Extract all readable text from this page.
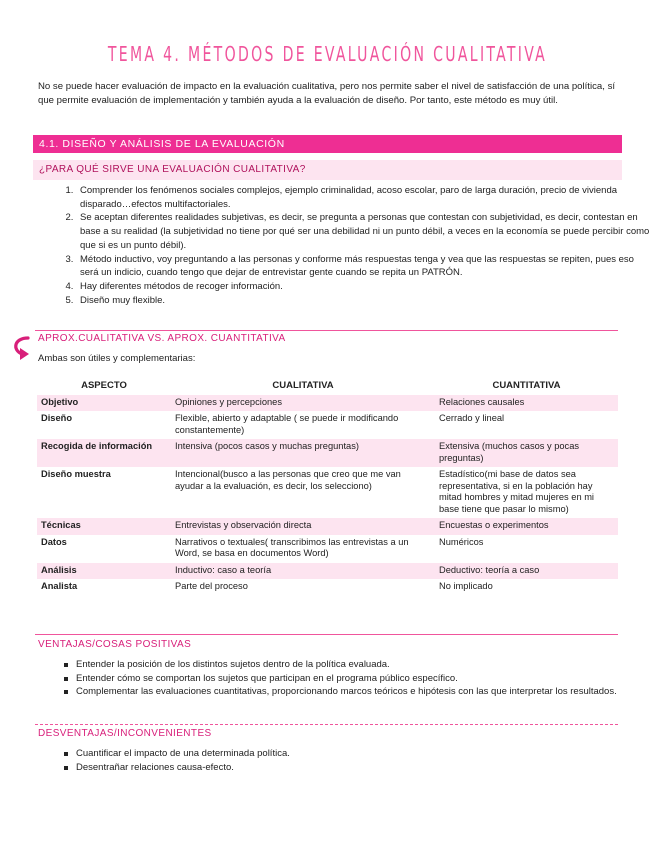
TEMA 4. MÉTODOS DE EVALUACIÓN CUALITATIVA
No se puede hacer evaluación de impacto en la evaluación cualitativa, pero nos permite saber el nivel de satisfacción de una política, sí que permite evaluación de implementación y también ayuda a la evaluación de diseño. Por tanto, este método es muy útil.
4.1. DISEÑO Y ANÁLISIS DE LA EVALUACIÓN
¿PARA QUÉ SIRVE UNA EVALUACIÓN CUALITATIVA?
1. Comprender los fenómenos sociales complejos, ejemplo criminalidad, acoso escolar, paro de larga duración, precio de vivienda disparado…efectos multifactoriales.
2. Se aceptan diferentes realidades subjetivas, es decir, se pregunta a personas que contestan con subjetividad, es decir, contestan en base a su realidad (la subjetividad no tiene por qué ser una debilidad ni un punto débil, a veces en la economía se puede percibir como que si es un punto débil).
3. Método inductivo, voy preguntando a las personas y conforme más respuestas tenga y vea que las respuestas se repiten, pues eso será un indicio, cuando tengo que dejar de entrevistar gente cuando se repita un PATRÓN.
4. Hay diferentes métodos de recoger información.
5. Diseño muy flexible.
APROX.CUALITATIVA VS. APROX. CUANTITATIVA
Ambas son útiles y complementarias:
ASPECTO	CUALITATIVA	CUANTITATIVA
Objetivo	Opiniones y percepciones	Relaciones causales
Diseño	Flexible, abierto y adaptable ( se puede ir modificando constantemente)	Cerrado y lineal
Recogida de información	Intensiva (pocos casos y muchas preguntas)	Extensiva (muchos casos y pocas preguntas)
Diseño muestra	Intencional(busco a las personas que creo que me van ayudar a la evaluación, es decir, los selecciono)	Estadístico(mi base de datos sea representativa, si en la población hay mitad hombres y mitad mujeres en mi base tiene que pasar lo mismo)
Técnicas	Entrevistas y observación directa	Encuestas o experimentos
Datos	Narrativos o textuales( transcribimos las entrevistas a un Word, se basa en documentos Word)	Numéricos
Análisis	Inductivo: caso a teoría	Deductivo: teoría a caso
Analista	Parte del proceso	No implicado
VENTAJAS/COSAS POSITIVAS
Entender la posición de los distintos sujetos dentro de la política evaluada.
Entender cómo se comportan los sujetos que participan en el programa público específico.
Complementar las evaluaciones cuantitativas, proporcionando marcos teóricos e hipótesis con las que interpretar los resultados.
DESVENTAJAS/INCONVENIENTES
Cuantificar el impacto de una determinada política.
Desentrañar relaciones causa-efecto.
